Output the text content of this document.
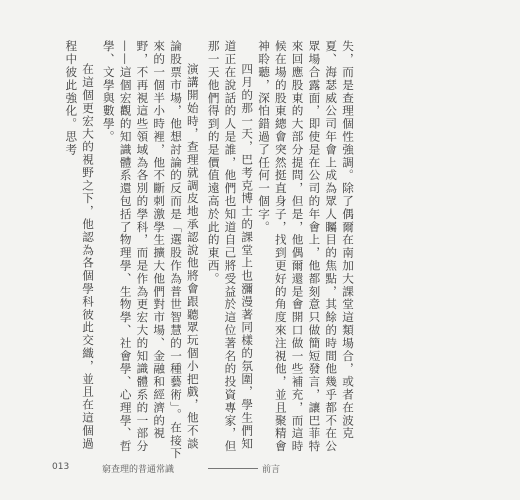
失，而是查理個性強調。除了偶爾在南加大課堂這類場合，或者在波克夏、海瑟威公司年會上成為眾人矚目的焦點，其餘的時間他幾乎都不在公眾場合露面，即使是在公司的年會上，他都刻意只做簡短發言，讓巴菲特來回應股東的大部分提問，但是，他偶爾還是會開口做一些補充，而這時候在場的股東總會突然挺直身子，找到更好的角度來注視他，並且聚精會神聆聽，深怕錯過了任何一個字。

四月的那一天，巴考克博士的課堂上也瀰漫著同樣的氛圍，學生們知道正在說話的人是誰，他們也知道自己將受益於這位著名的投資專家，但那一天他們得到的是價值遠高於此的東西。

演講開始時，查理就調皮地承認說他將會跟聽眾玩個小把戲，他不談論股票市場，他想討論的反而是「選股作為普世智慧的一種藝術」。在接下來的一個半小時裡，他不斷刺激學生擴大他們對市場、金融和經濟的視野，不再視這些領域為各別的學科，而是作為更宏大的知識體系的一部分——這個宏觀的知識體系還包括了物理學、生物學、社會學、心理學、哲學、文學與數學。

在這個更宏大的視野之下，他認為各個學科彼此交織，並且在這個過程中彼此強化。思考

013	窮查理的普通常識	前言
